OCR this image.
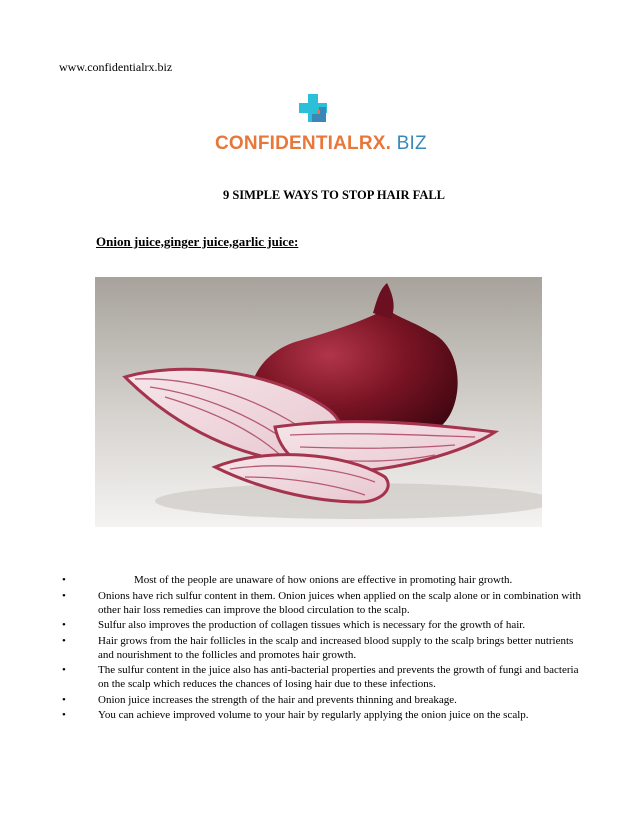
www.confidentialrx.biz
CONFIDENTIALRX. BIZ
9 SIMPLE WAYS TO STOP HAIR FALL
Onion juice,ginger juice,garlic juice:
•	Most of the people are unaware of how onions are effective in promoting hair growth.
•	Onions have rich sulfur content in them. Onion juices when applied on the scalp alone or in combination with other hair loss remedies can improve the blood circulation to the scalp.
•	Sulfur also improves the production of collagen tissues which is necessary for the growth of hair.
•	Hair grows from the hair follicles in the scalp and increased blood supply to the scalp brings better nutrients and nourishment to the follicles and promotes hair growth.
•	The sulfur content in the juice also has anti-bacterial properties and prevents the growth of fungi and bacteria on the scalp which reduces the chances of losing hair due to these infections.
•	Onion juice increases the strength of the hair and prevents thinning and breakage.
•	You can achieve improved volume to your hair by regularly applying the onion juice on the scalp.
